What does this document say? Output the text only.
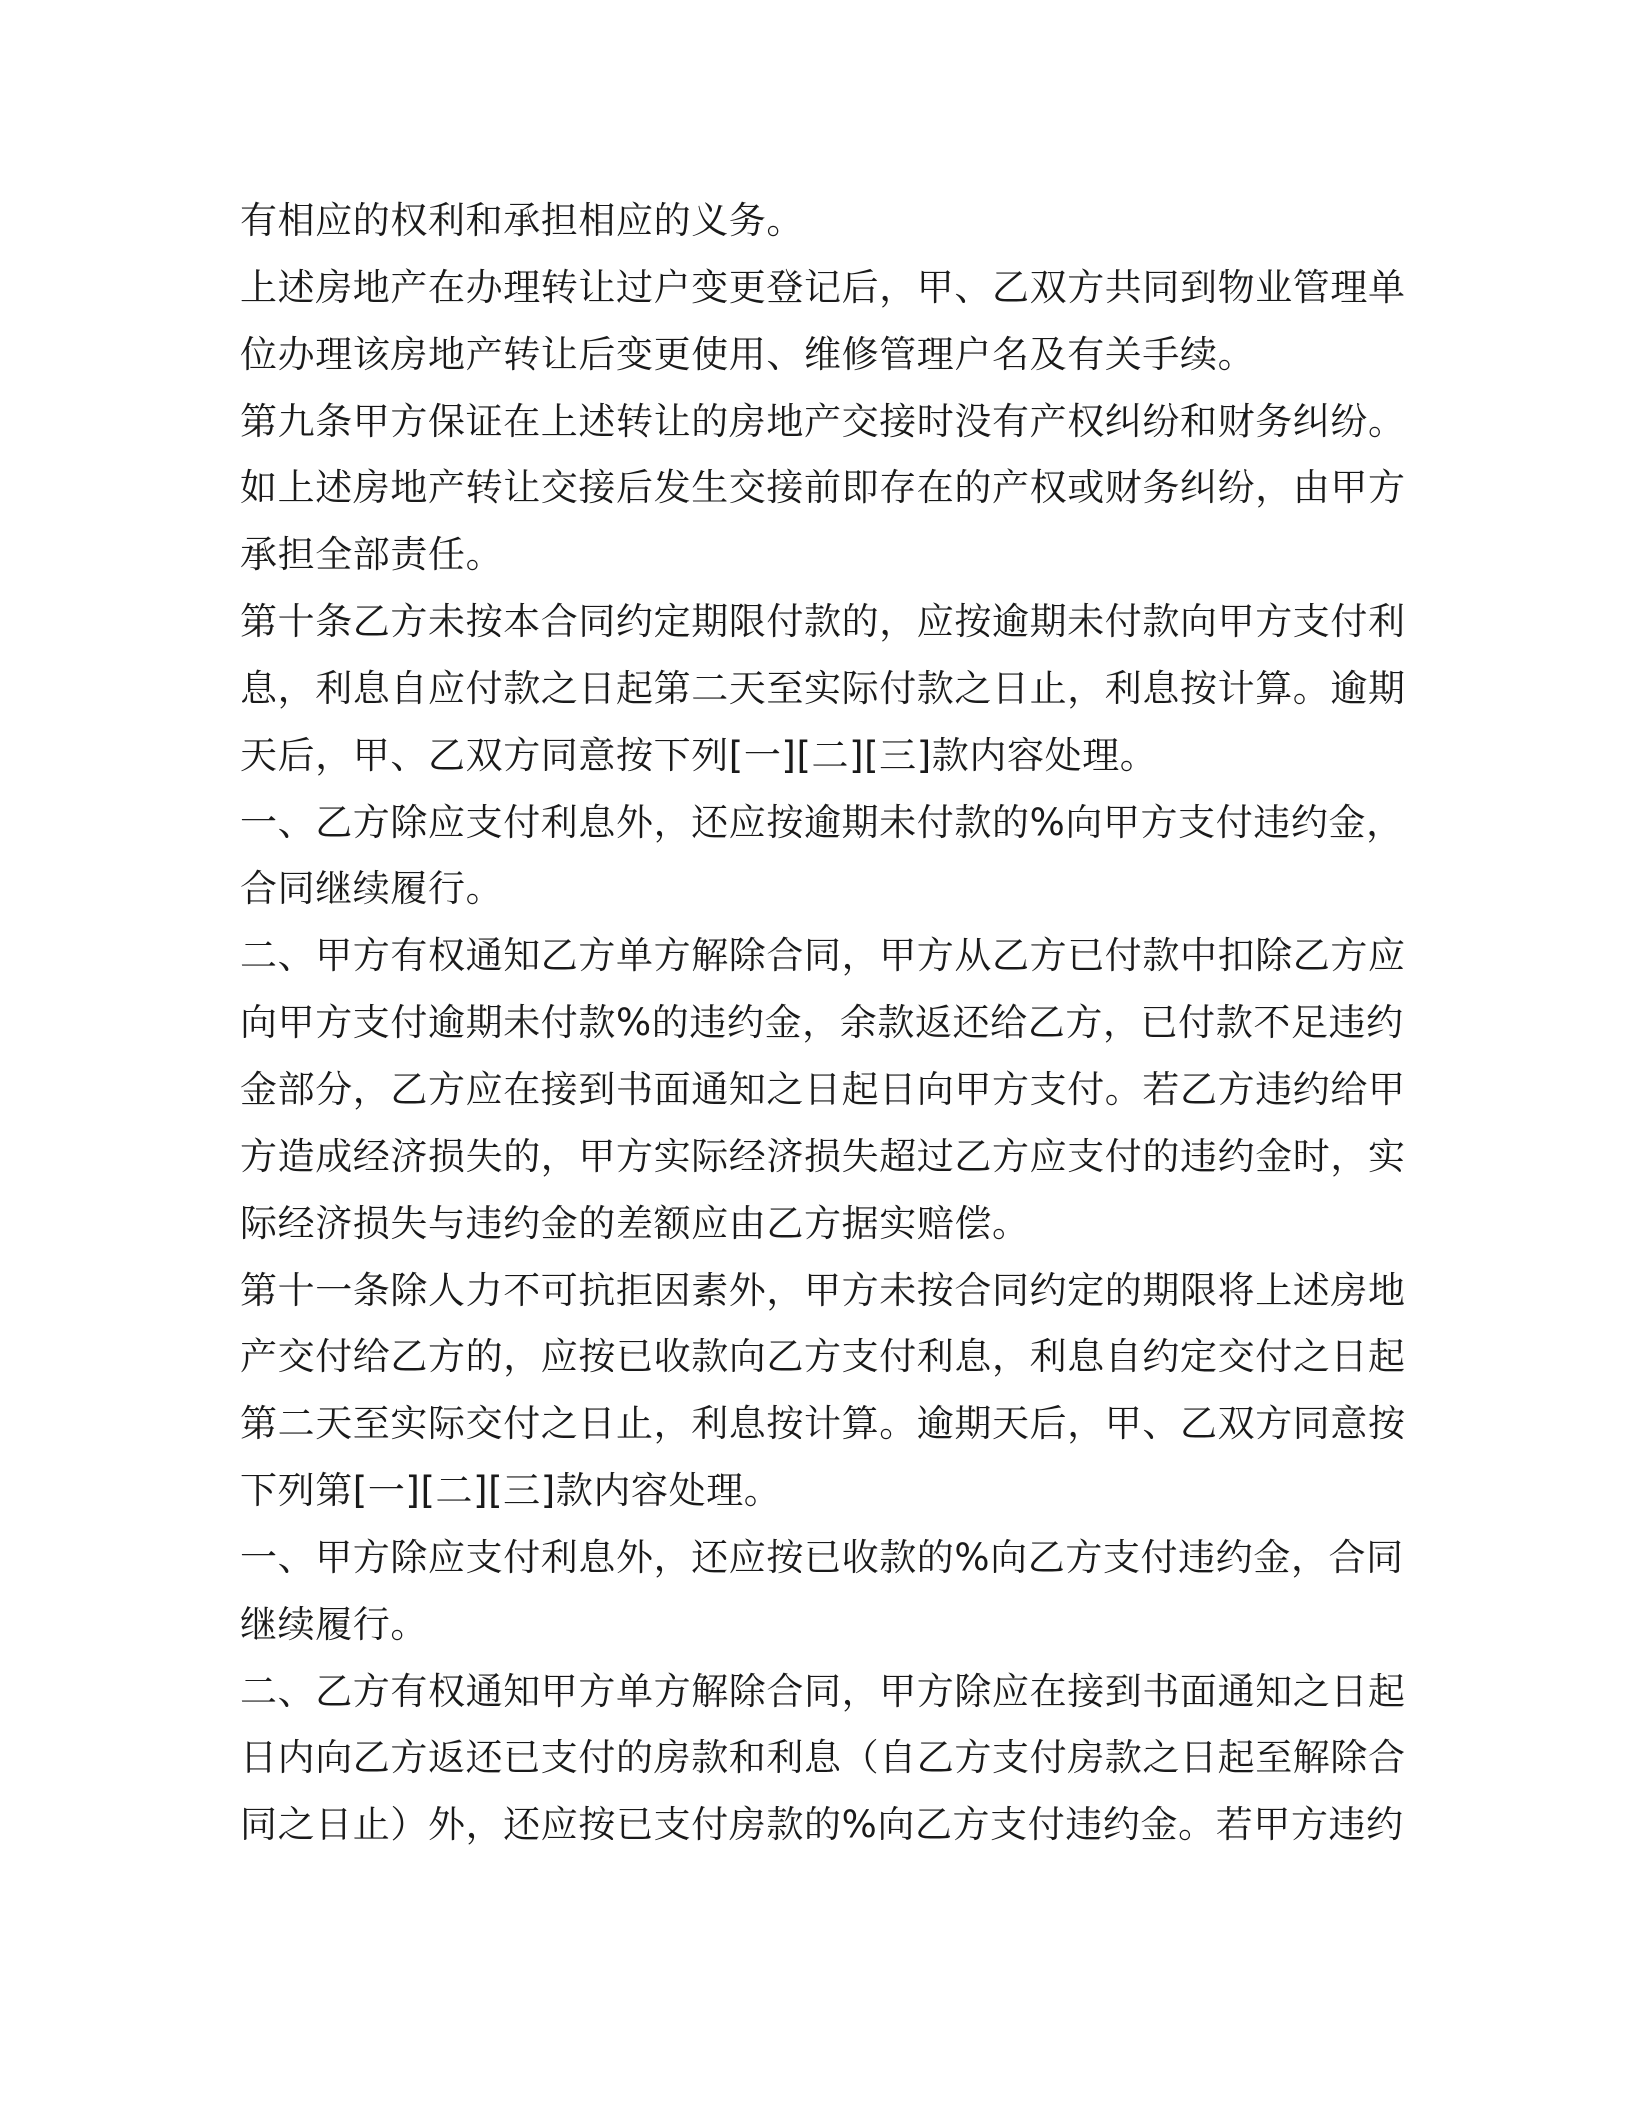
有相应的权利和承担相应的义务。
上述房地产在办理转让过户变更登记后，甲、乙双方共同到物业管理单
位办理该房地产转让后变更使用、维修管理户名及有关手续。
第九条甲方保证在上述转让的房地产交接时没有产权纠纷和财务纠纷。
如上述房地产转让交接后发生交接前即存在的产权或财务纠纷，由甲方
承担全部责任。
第十条乙方未按本合同约定期限付款的，应按逾期未付款向甲方支付利
息，利息自应付款之日起第二天至实际付款之日止，利息按计算。逾期
天后，甲、乙双方同意按下列[一][二][三]款内容处理。
一、乙方除应支付利息外，还应按逾期未付款的%向甲方支付违约金，
合同继续履行。
二、甲方有权通知乙方单方解除合同，甲方从乙方已付款中扣除乙方应
向甲方支付逾期未付款%的违约金，余款返还给乙方，已付款不足违约
金部分，乙方应在接到书面通知之日起日向甲方支付。若乙方违约给甲
方造成经济损失的，甲方实际经济损失超过乙方应支付的违约金时，实
际经济损失与违约金的差额应由乙方据实赔偿。
第十一条除人力不可抗拒因素外，甲方未按合同约定的期限将上述房地
产交付给乙方的，应按已收款向乙方支付利息，利息自约定交付之日起
第二天至实际交付之日止，利息按计算。逾期天后，甲、乙双方同意按
下列第[一][二][三]款内容处理。
一、甲方除应支付利息外，还应按已收款的%向乙方支付违约金，合同
继续履行。
二、乙方有权通知甲方单方解除合同，甲方除应在接到书面通知之日起
日内向乙方返还已支付的房款和利息（自乙方支付房款之日起至解除合
同之日止）外，还应按已支付房款的%向乙方支付违约金。若甲方违约
